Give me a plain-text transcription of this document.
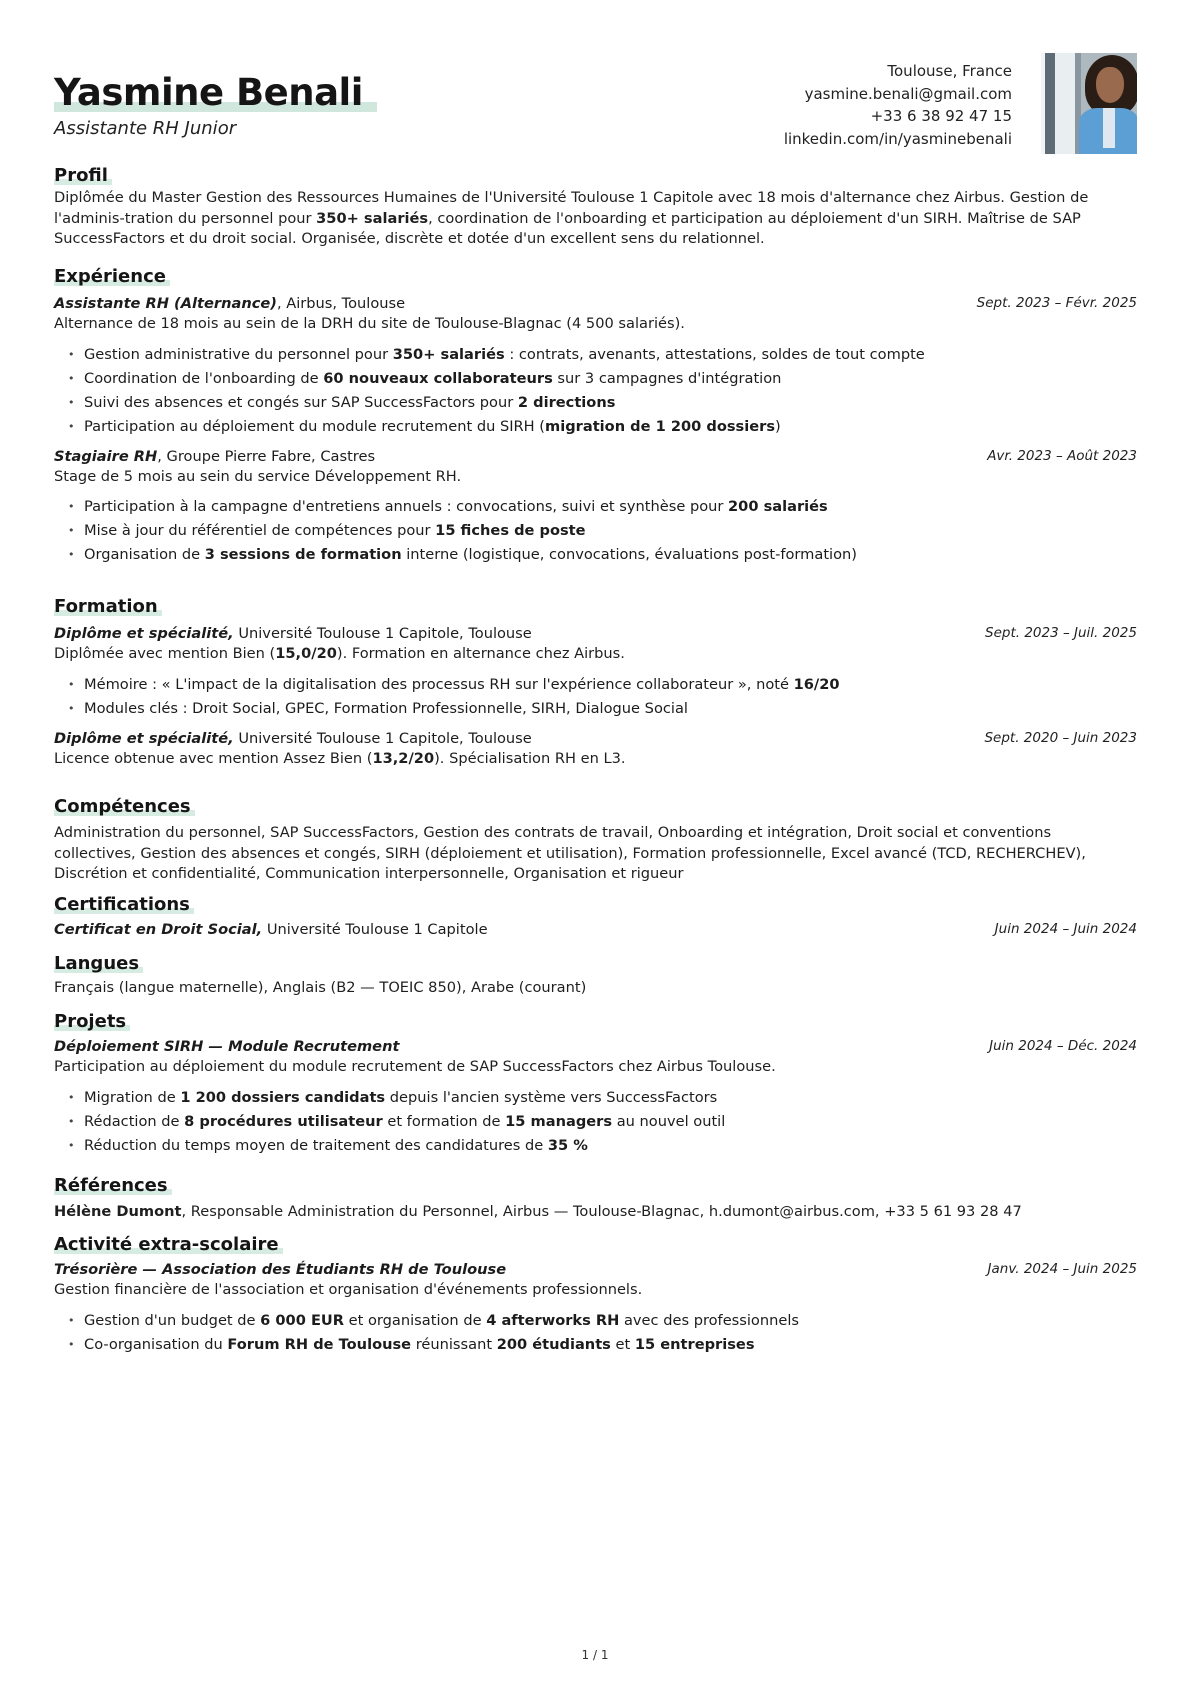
Yasmine Benali
Assistante RH Junior
Toulouse, France
yasmine.benali@gmail.com
+33 6 38 92 47 15
linkedin.com/in/yasminebenali
Profil
Diplômée du Master Gestion des Ressources Humaines de l'Université Toulouse 1 Capitole avec 18 mois d'alternance chez Airbus. Gestion de l'adminis-tration du personnel pour 350+ salariés, coordination de l'onboarding et participation au déploiement d'un SIRH. Maîtrise de SAP SuccessFactors et du droit social. Organisée, discrète et dotée d'un excellent sens du relationnel.
Expérience
Assistante RH (Alternance), Airbus, Toulouse	Sept. 2023 – Févr. 2025
Alternance de 18 mois au sein de la DRH du site de Toulouse-Blagnac (4 500 salariés).
• Gestion administrative du personnel pour 350+ salariés : contrats, avenants, attestations, soldes de tout compte
• Coordination de l'onboarding de 60 nouveaux collaborateurs sur 3 campagnes d'intégration
• Suivi des absences et congés sur SAP SuccessFactors pour 2 directions
• Participation au déploiement du module recrutement du SIRH (migration de 1 200 dossiers)
Stagiaire RH, Groupe Pierre Fabre, Castres	Avr. 2023 – Août 2023
Stage de 5 mois au sein du service Développement RH.
• Participation à la campagne d'entretiens annuels : convocations, suivi et synthèse pour 200 salariés
• Mise à jour du référentiel de compétences pour 15 fiches de poste
• Organisation de 3 sessions de formation interne (logistique, convocations, évaluations post-formation)
Formation
Diplôme et spécialité, Université Toulouse 1 Capitole, Toulouse	Sept. 2023 – Juil. 2025
Diplômée avec mention Bien (15,0/20). Formation en alternance chez Airbus.
• Mémoire : « L'impact de la digitalisation des processus RH sur l'expérience collaborateur », noté 16/20
• Modules clés : Droit Social, GPEC, Formation Professionnelle, SIRH, Dialogue Social
Diplôme et spécialité, Université Toulouse 1 Capitole, Toulouse	Sept. 2020 – Juin 2023
Licence obtenue avec mention Assez Bien (13,2/20). Spécialisation RH en L3.
Compétences
Administration du personnel, SAP SuccessFactors, Gestion des contrats de travail, Onboarding et intégration, Droit social et conventions collectives, Gestion des absences et congés, SIRH (déploiement et utilisation), Formation professionnelle, Excel avancé (TCD, RECHERCHEV), Discrétion et confidentialité, Communication interpersonnelle, Organisation et rigueur
Certifications
Certificat en Droit Social, Université Toulouse 1 Capitole	Juin 2024 – Juin 2024
Langues
Français (langue maternelle), Anglais (B2 — TOEIC 850), Arabe (courant)
Projets
Déploiement SIRH — Module Recrutement	Juin 2024 – Déc. 2024
Participation au déploiement du module recrutement de SAP SuccessFactors chez Airbus Toulouse.
• Migration de 1 200 dossiers candidats depuis l'ancien système vers SuccessFactors
• Rédaction de 8 procédures utilisateur et formation de 15 managers au nouvel outil
• Réduction du temps moyen de traitement des candidatures de 35 %
Références
Hélène Dumont, Responsable Administration du Personnel, Airbus — Toulouse-Blagnac, h.dumont@airbus.com, +33 5 61 93 28 47
Activité extra-scolaire
Trésorière — Association des Étudiants RH de Toulouse	Janv. 2024 – Juin 2025
Gestion financière de l'association et organisation d'événements professionnels.
• Gestion d'un budget de 6 000 EUR et organisation de 4 afterworks RH avec des professionnels
• Co-organisation du Forum RH de Toulouse réunissant 200 étudiants et 15 entreprises
1 / 1
